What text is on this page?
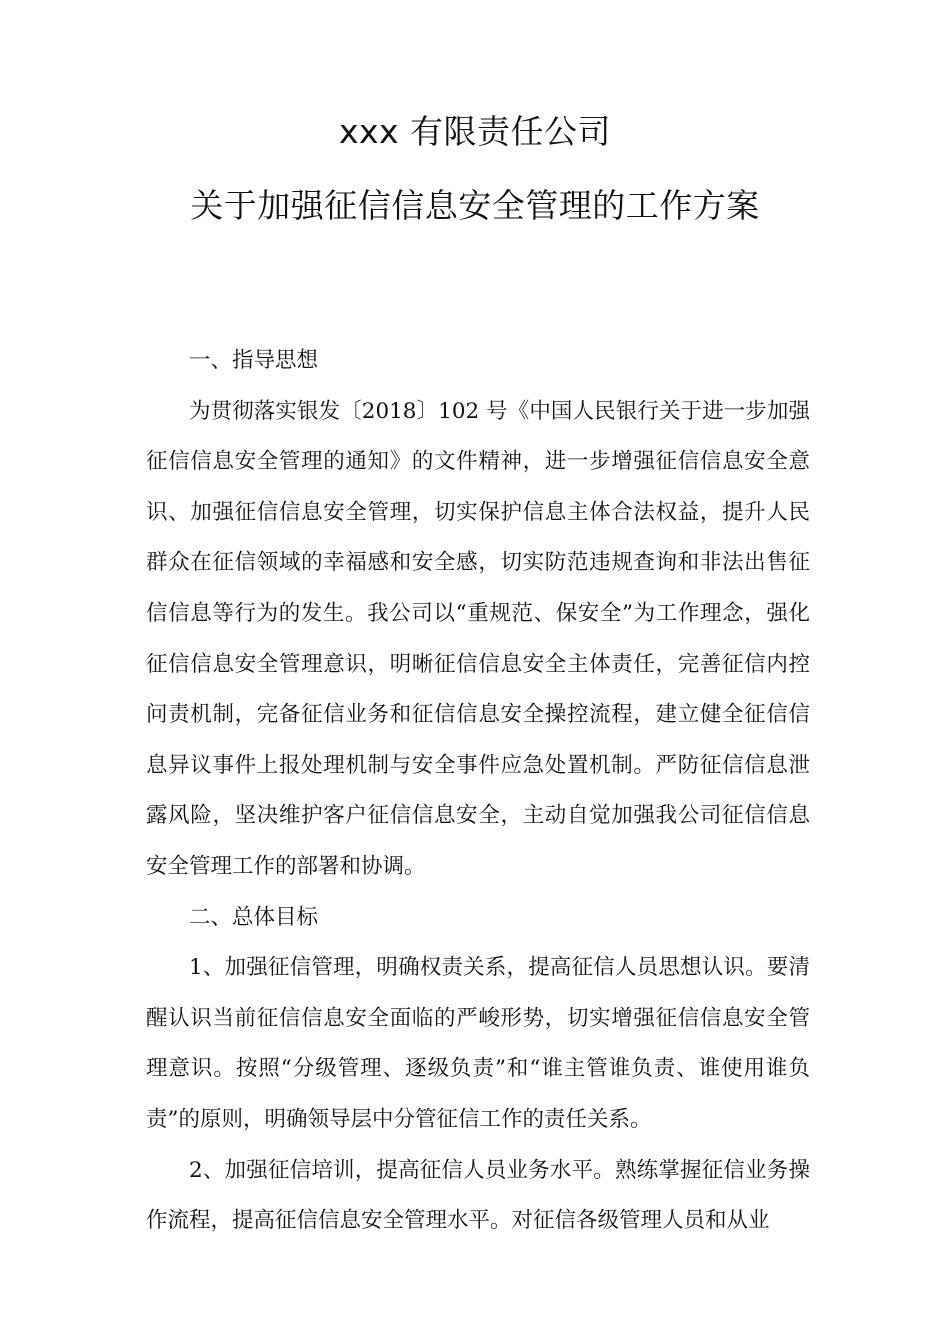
xxx 有限责任公司
关于加强征信信息安全管理的工作方案

一、指导思想

为贯彻落实银发〔2018〕102 号《中国人民银行关于进一步加强征信信息安全管理的通知》的文件精神，进一步增强征信信息安全意识、加强征信信息安全管理，切实保护信息主体合法权益，提升人民群众在征信领域的幸福感和安全感，切实防范违规查询和非法出售征信信息等行为的发生。我公司以“重规范、保安全”为工作理念，强化征信信息安全管理意识，明晰征信信息安全主体责任，完善征信内控问责机制，完备征信业务和征信信息安全操控流程，建立健全征信信息异议事件上报处理机制与安全事件应急处置机制。严防征信信息泄露风险，坚决维护客户征信信息安全，主动自觉加强我公司征信信息安全管理工作的部署和协调。

二、总体目标

1、加强征信管理，明确权责关系，提高征信人员思想认识。要清醒认识当前征信信息安全面临的严峻形势，切实增强征信信息安全管理意识。按照“分级管理、逐级负责”和“谁主管谁负责、谁使用谁负责”的原则，明确领导层中分管征信工作的责任关系。

2、加强征信培训，提高征信人员业务水平。熟练掌握征信业务操作流程，提高征信信息安全管理水平。对征信各级管理人员和从业
